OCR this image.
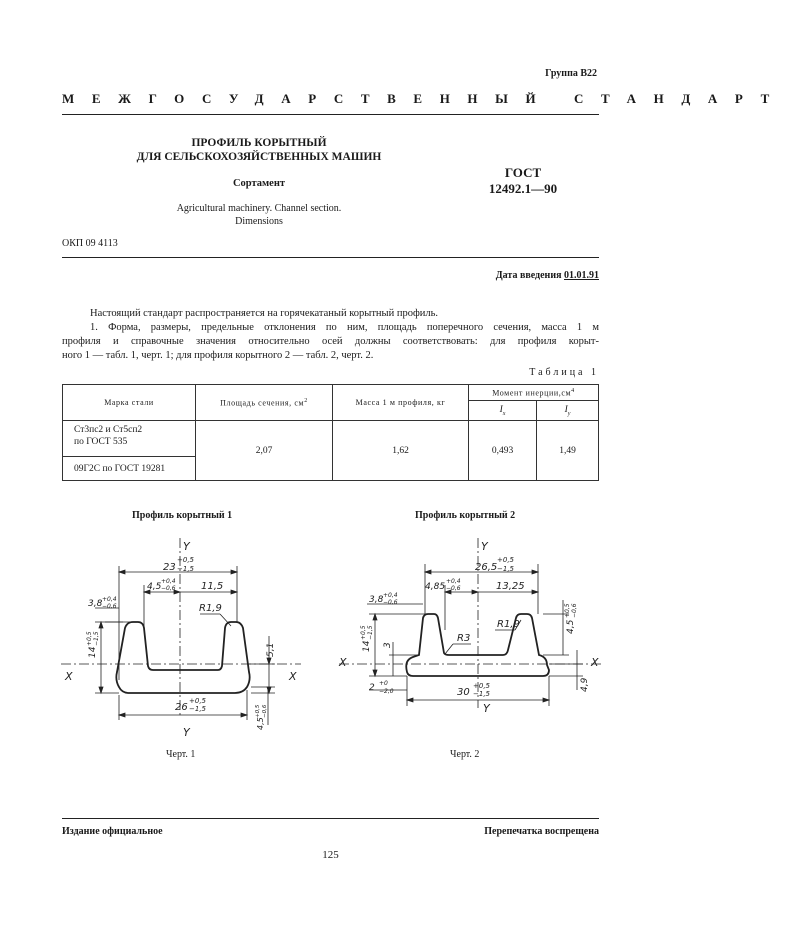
Группа В22
МЕЖГОСУДАРСТВЕННЫЙ СТАНДАРТ
ПРОФИЛЬ КОРЫТНЫЙ
ДЛЯ СЕЛЬСКОХОЗЯЙСТВЕННЫХ МАШИН
Сортамент
Agricultural machinery. Channel section.
Dimensions
ГОСТ
12492.1—90
ОКП 09 4113
Дата введения 01.01.91
Настоящий стандарт распространяется на горячекатаный корытный профиль.
1. Форма, размеры, предельные отклонения по ним, площадь поперечного сечения, масса 1 м
профиля и справочные значения относительно осей должны соответствовать: для профиля корыт-
ного 1 — табл. 1, черт. 1; для профиля корытного 2 — табл. 2, черт. 2.
Таблица 1
Марка стали	Площадь сечения, $см^2$	Масса 1 м профиля, кг	Момент $инерции,см^4$
			$I_x$	$I_y$

Ст3пс2 и Ст5сп2
по ГОСТ 535	2,07	1,62	0,493	1,49
09Г2С по ГОСТ 19281				
Профиль корытный 1	Профиль корытный 2
Y
Y
X	X
23
+0,5
−1,5
4,5
+0,4
−0,6	11,5
3,8 +0,4
−0,6	R1,9
14
+0,5 −1,5
5,1
26
+0,5
−1,5
4,5
+0,5 −0,6
Y
Y
X	X
26,5
+0,5
−1,5
4,85
+0,4
−0,6	13,25
3,8 +0,4
−0,6
R3
R1,9
14
+0,5 −1,5
3
4,5
+0,5 −0,6
4,9
30
+0,5
−1,5
2 +0
−2,0
Черт. 1	Черт. 2
Издание официальное	Перепечатка воспрещена
125
